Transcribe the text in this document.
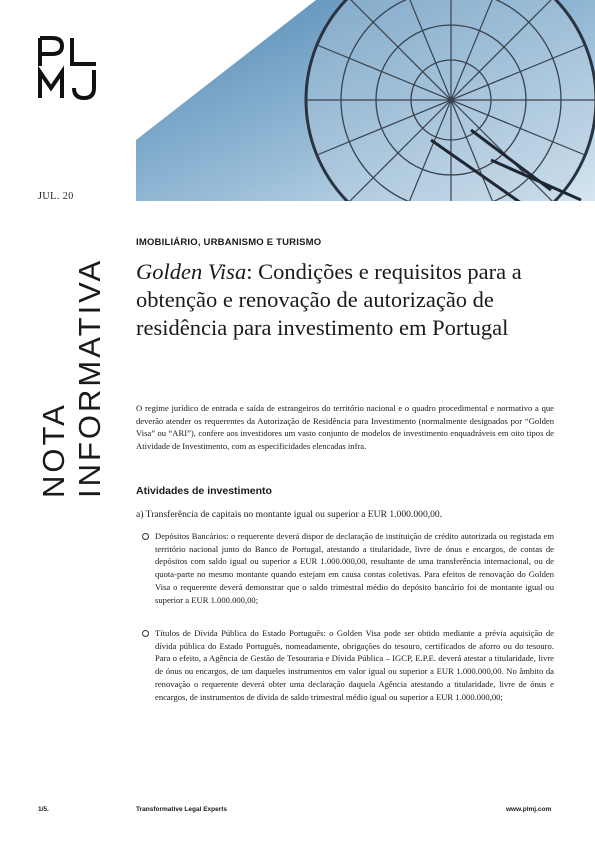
JUL. 20
NOTA INFORMATIVA
IMOBILIÁRIO, URBANISMO E TURISMO
Golden Visa: Condições e requisitos para a obtenção e renovação de autorização de residência para investimento em Portugal
O regime jurídico de entrada e saída de estrangeiros do território nacional e o quadro procedimental e normativo a que deverão atender os requerentes da Autorização de Residência para Investimento (normalmente designados por “Golden Visa” ou “ARI”), confere aos investidores um vasto conjunto de modelos de investimento enquadráveis em oito tipos de Atividade de Investimento, com as especificidades elencadas infra.
Atividades de investimento
a) Transferência de capitais no montante igual ou superior a EUR 1.000.000,00.
Depósitos Bancários: o requerente deverá dispor de declaração de instituição de crédito autorizada ou registada em território nacional junto do Banco de Portugal, atestando a titularidade, livre de ónus e encargos, de contas de depósitos com saldo igual ou superior a EUR 1.000.000,00, resultante de uma transferência internacional, ou de quota-parte no mesmo montante quando estejam em causa contas coletivas. Para efeitos de renovação do Golden Visa o requerente deverá demonstrar que o saldo trimestral médio do depósito bancário foi de montante igual ou superior a EUR 1.000.000,00;
Títulos de Dívida Pública do Estado Português: o Golden Visa pode ser obtido mediante a prévia aquisição de dívida pública do Estado Português, nomeadamente, obrigações do tesouro, certificados de aforro ou do tesouro. Para o efeito, a Agência de Gestão de Tesouraria e Dívida Pública – IGCP, E.P.E. deverá atestar a titularidade, livre de ónus ou encargos, de um daqueles instrumentos em valor igual ou superior a EUR 1.000.000,00. No âmbito da renovação o requerente deverá obter uma declaração daquela Agência atestando a titularidade, livre de ónus e encargos, de instrumentos de dívida de saldo trimestral médio igual ou superior a EUR 1.000.000,00;
1/5.	Transformative Legal Experts	www.plmj.com
